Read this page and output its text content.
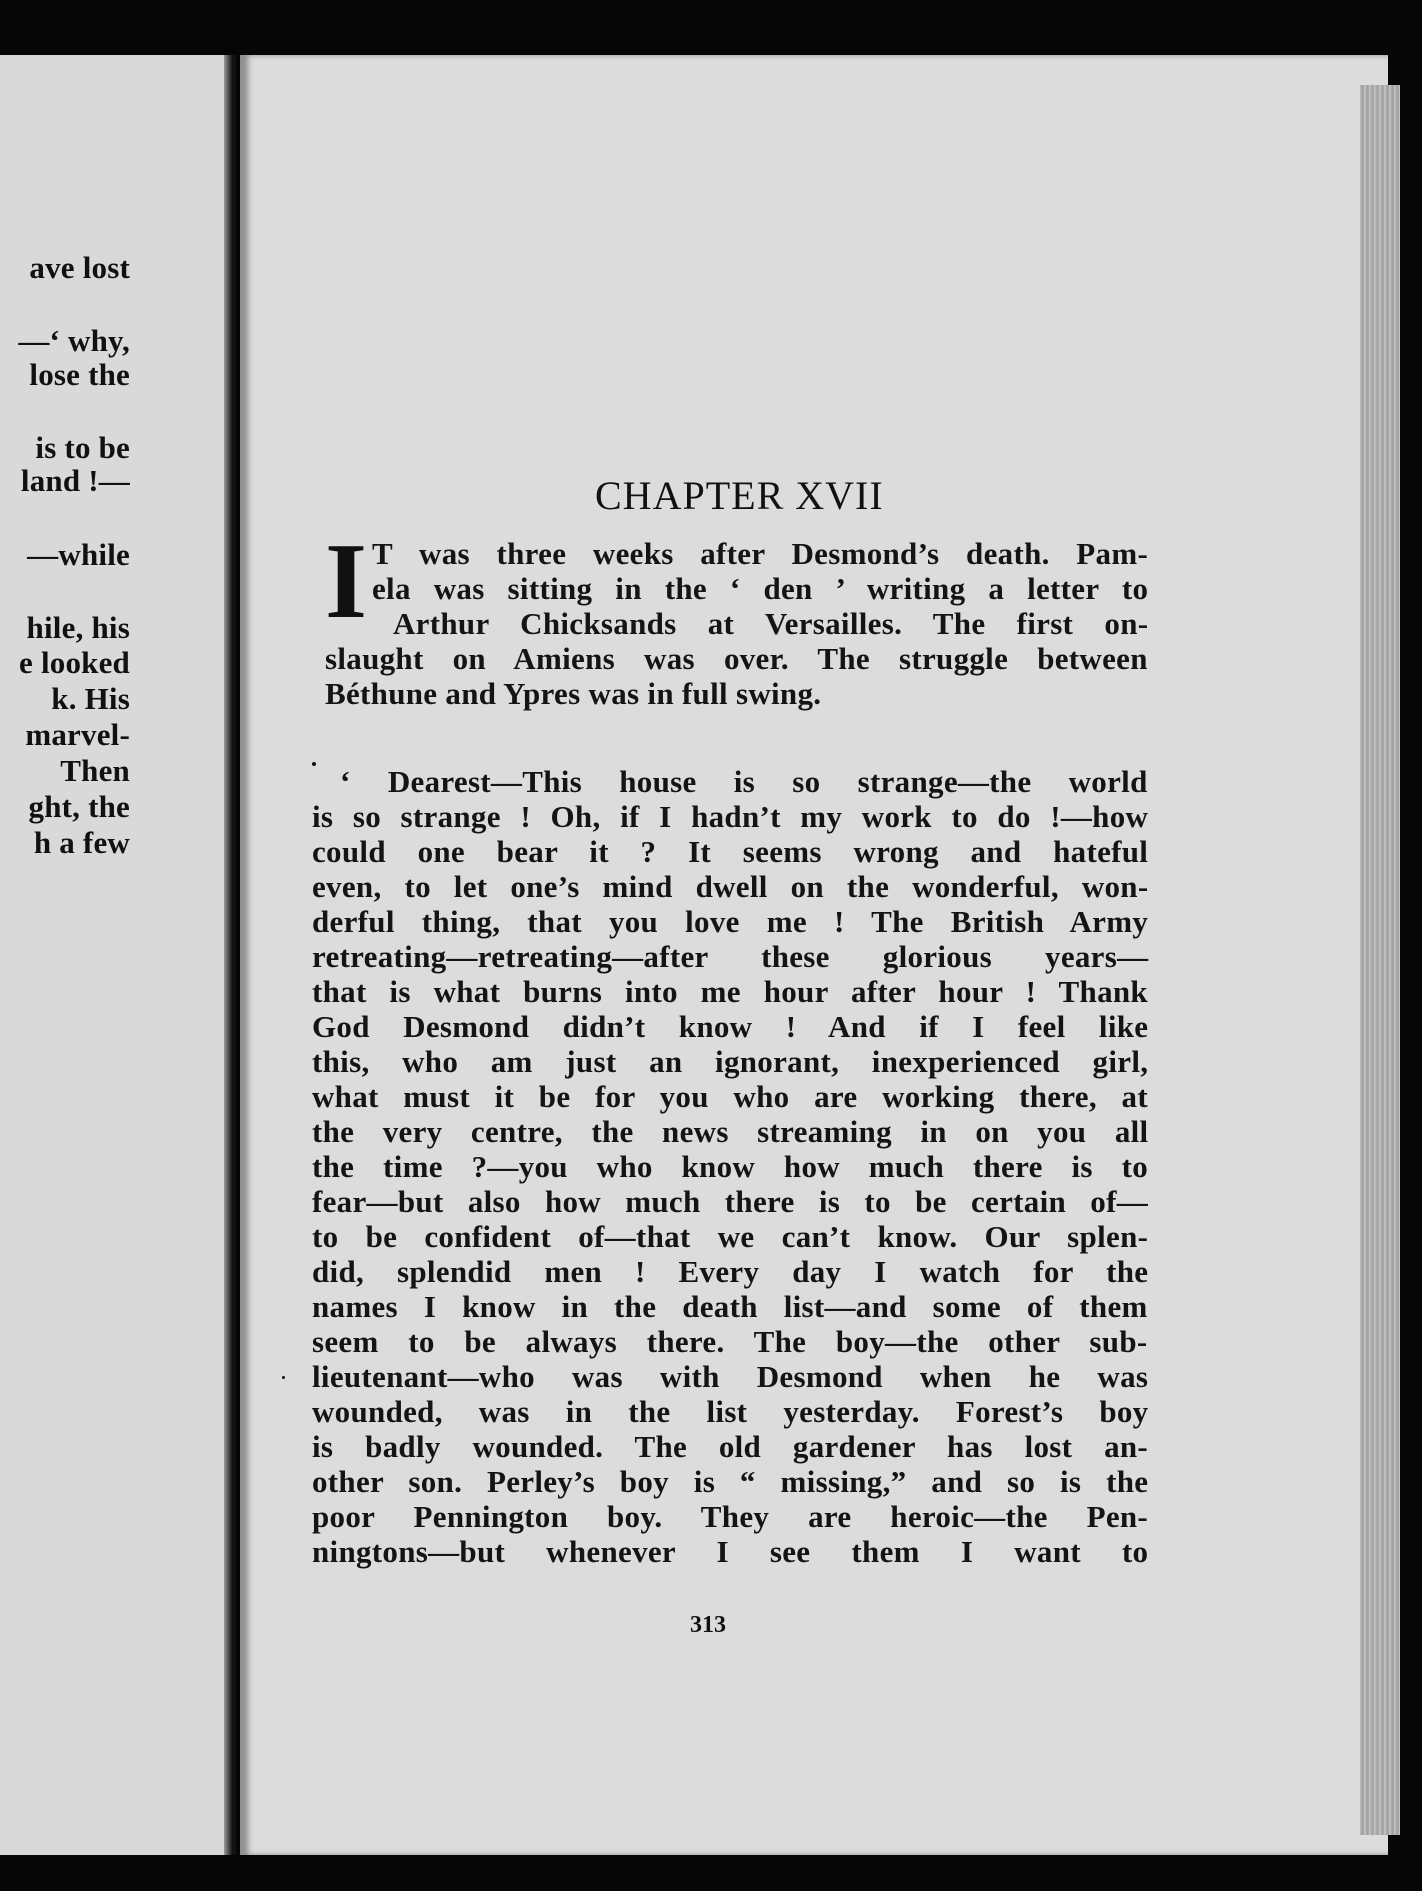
ave lost
—‘ why,
lose the
is to be
land !—
—while
hile, his
e looked
k. His
marvel-
Then
ght, the
h a few
CHAPTER XVII
I T was three weeks after Desmond’s death. Pam-
ela was sitting in the ‘ den ’ writing a letter to
Arthur Chicksands at Versailles. The first on-
slaught on Amiens was over. The struggle between
Béthune and Ypres was in full swing.
‘ Dearest—This house is so strange—the world
is so strange ! Oh, if I hadn’t my work to do !—how
could one bear it ? It seems wrong and hateful
even, to let one’s mind dwell on the wonderful, won-
derful thing, that you love me ! The British Army
retreating—retreating—after these glorious years—
that is what burns into me hour after hour ! Thank
God Desmond didn’t know ! And if I feel like
this, who am just an ignorant, inexperienced girl,
what must it be for you who are working there, at
the very centre, the news streaming in on you all
the time ?—you who know how much there is to
fear—but also how much there is to be certain of—
to be confident of—that we can’t know. Our splen-
did, splendid men ! Every day I watch for the
names I know in the death list—and some of them
seem to be always there. The boy—the other sub-
lieutenant—who was with Desmond when he was
wounded, was in the list yesterday. Forest’s boy
is badly wounded. The old gardener has lost an-
other son. Perley’s boy is “ missing,” and so is the
poor Pennington boy. They are heroic—the Pen-
ningtons—but whenever I see them I want to
313
